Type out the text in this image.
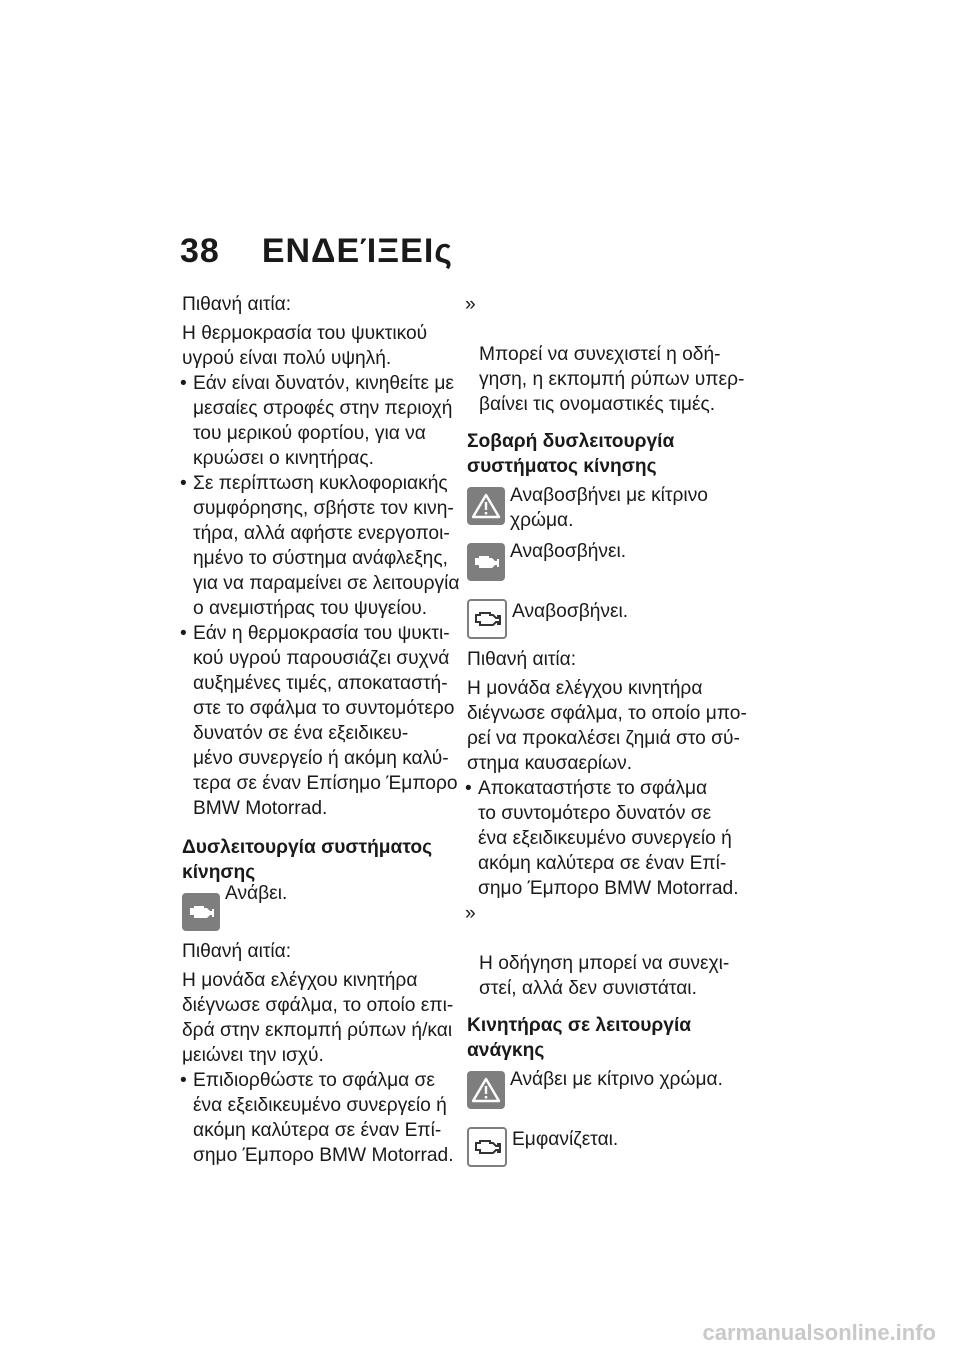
38 ΕΝΔΕΊΞΕΙς

Πιθανή αιτία:

Η θερμοκρασία του ψυκτικού
υγρού είναι πολύ υψηλή.

• Εάν είναι δυνατόν, κινηθείτε με
μεσαίες στροφές στην περιοχή
του μερικού φορτίου, για να
κρυώσει ο κινητήρας.
• Σε περίπτωση κυκλοφοριακής
συμφόρησης, σβήστε τον κινη-
τήρα, αλλά αφήστε ενεργοποι-
ημένο το σύστημα ανάφλεξης,
για να παραμείνει σε λειτουργία
ο ανεμιστήρας του ψυγείου.
• Εάν η θερμοκρασία του ψυκτι-
κού υγρού παρουσιάζει συχνά
αυξημένες τιμές, αποκαταστή-
στε το σφάλμα το συντομότερο
δυνατόν σε ένα εξειδικευ-
μένο συνεργείο ή ακόμη καλύ-
τερα σε έναν Επίσημο Έμπορο
BMW Motorrad.
Δυσλειτουργία συστήματος
κίνησης
Ανάβει.

Πιθανή αιτία:

Η μονάδα ελέγχου κινητήρα
διέγνωσε σφάλμα, το οποίο επι-
δρά στην εκπομπή ρύπων ή/και
μειώνει την ισχύ.

• Επιδιορθώστε το σφάλμα σε
ένα εξειδικευμένο συνεργείο ή
ακόμη καλύτερα σε έναν Επί-
σημο Έμπορο BMW Motorrad.

»

Μπορεί να συνεχιστεί η οδή-
γηση, η εκπομπή ρύπων υπερ-
βαίνει τις ονομαστικές τιμές.

Σοβαρή δυσλειτουργία
συστήματος κίνησης
Αναβοσβήνει με κίτρινο
χρώμα.
Αναβοσβήνει.
Αναβοσβήνει.

Πιθανή αιτία:

Η μονάδα ελέγχου κινητήρα
διέγνωσε σφάλμα, το οποίο μπο-
ρεί να προκαλέσει ζημιά στο σύ-
στημα καυσαερίων.

• Αποκαταστήστε το σφάλμα
το συντομότερο δυνατόν σε
ένα εξειδικευμένο συνεργείο ή
ακόμη καλύτερα σε έναν Επί-
σημο Έμπορο BMW Motorrad.

»

Η οδήγηση μπορεί να συνεχι-
στεί, αλλά δεν συνιστάται.

Κινητήρας σε λειτουργία
ανάγκης
Ανάβει με κίτρινο χρώμα.
Εμφανίζεται.
carmanualsonline.info
